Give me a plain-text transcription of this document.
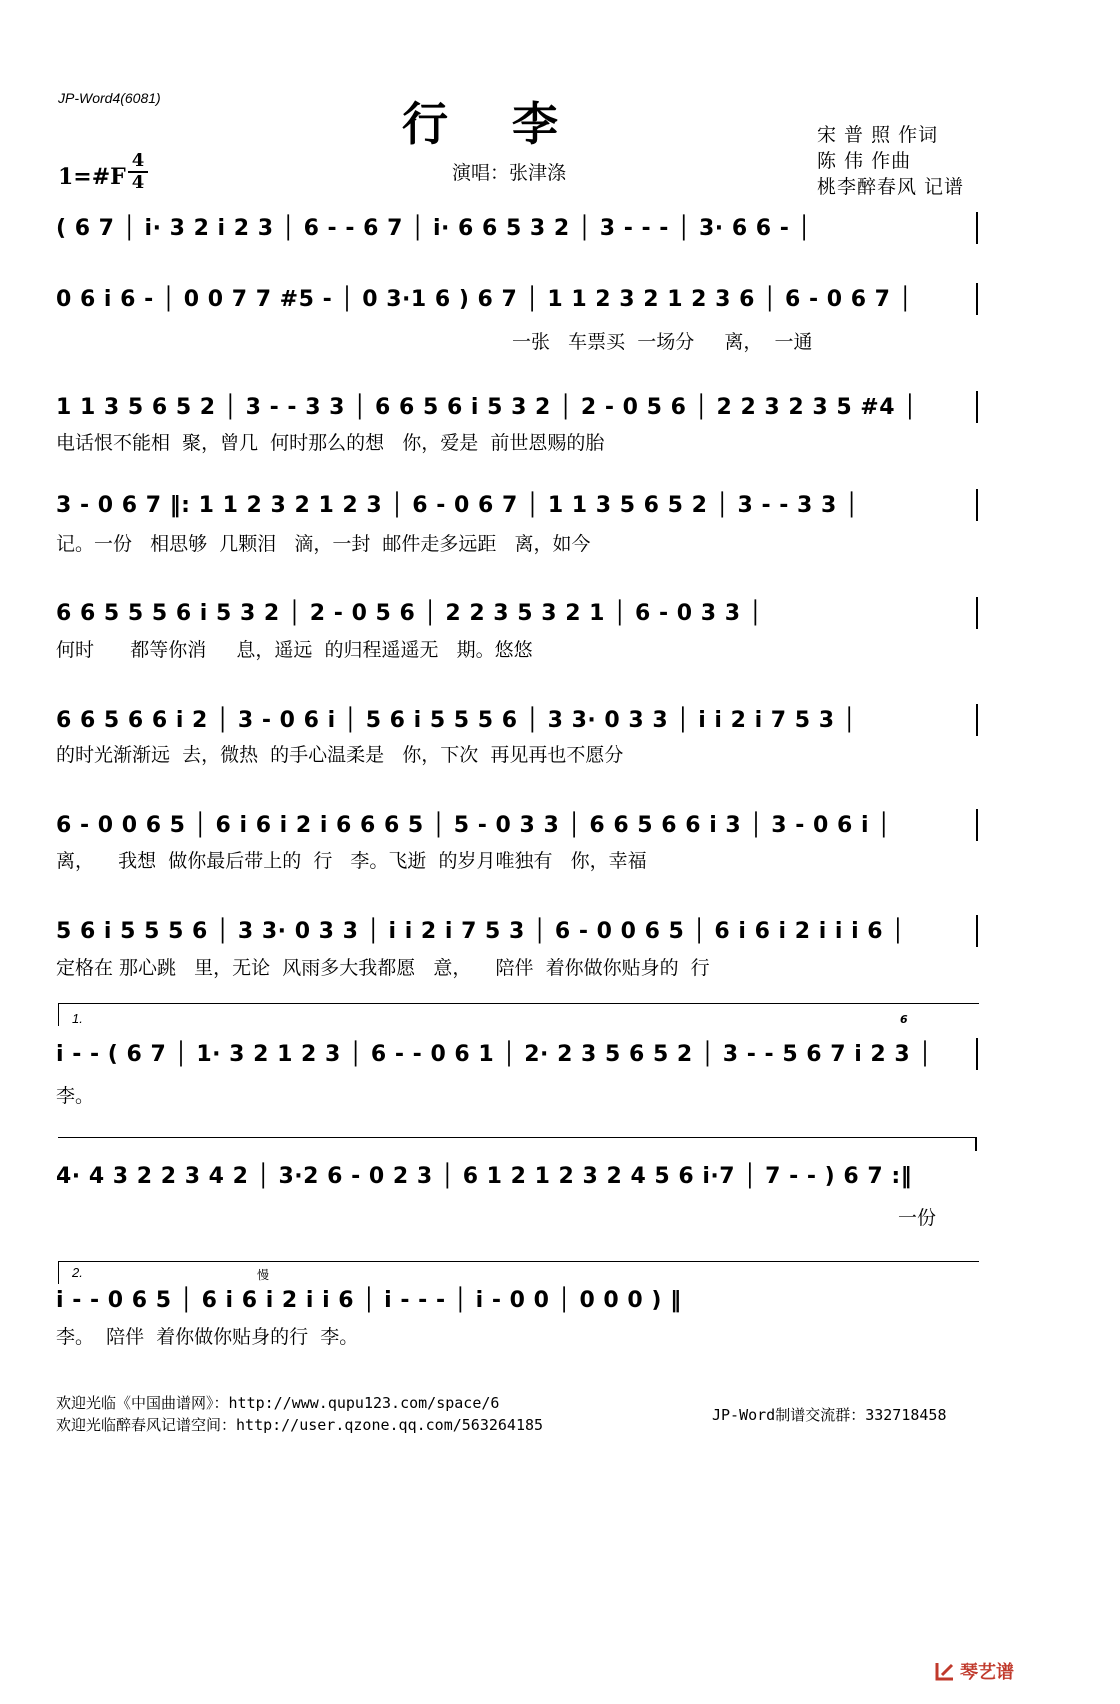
JP-Word4(6081)	行李
1=#F
4
4	演唱：张津涤
宋 普 照 作词
陈 伟 作曲
桃李醉春风 记谱
( 6 7 │ i· 3 2 i 2 3 │ 6 - - 6 7 │ i· 6 6 5 3 2 │ 3 - - - │ 3· 6 6 - │
0 6 i 6 - │ 0 0 7 7 #5 - │ 0 3·1 6 ) 6 7 │ 1 1 2 3 2 1 2 3 6 │ 6 - 0 6 7 │
一张   车票买  一场分     离，  一通
1 1 3 5 6 5 2 │ 3 - - 3 3 │ 6 6 5 6 i 5 3 2 │ 2 - 0 5 6 │ 2 2 3 2 3 5 #4 │
电话恨不能相  聚，曾几  何时那么的想   你，爱是  前世恩赐的胎
3 - 0 6 7 ‖: 1 1 2 3 2 1 2 3 │ 6 - 0 6 7 │ 1 1 3 5 6 5 2 │ 3 - - 3 3 │
记。一份   相思够  几颗泪   滴，一封  邮件走多远距   离，如今
6 6 5 5 5 6 i 5 3 2 │ 2 - 0 5 6 │ 2 2 3 5 3 2 1 │ 6 - 0 3 3 │
何时      都等你消     息，遥远  的归程遥遥无   期。悠悠
6 6 5 6 6 i 2 │ 3 - 0 6 i │ 5 6 i 5 5 5 6 │ 3 3· 0 3 3 │ i i 2 i 7 5 3 │
的时光渐渐远  去，微热  的手心温柔是   你，下次  再见再也不愿分
6 - 0 0 6 5 │ 6 i 6 i 2 i 6 6 6 5 │ 5 - 0 3 3 │ 6 6 5 6 6 i 3 │ 3 - 0 6 i │
离，    我想  做你最后带上的  行   李。飞逝  的岁月唯独有   你，幸福
5 6 i 5 5 5 6 │ 3 3· 0 3 3 │ i i 2 i 7 5 3 │ 6 - 0 0 6 5 │ 6 i 6 i 2 i i i 6 │
定格在 那心跳   里，无论  风雨多大我都愿   意，    陪伴  着你做你贴身的  行
1.	6
i - - ( 6 7 │ 1· 3 2 1 2 3 │ 6 - - 0 6 1 │ 2· 2 3 5 6 5 2 │ 3 - - 5 6 7 i 2 3 │
李。
4· 4 3 2 2 3 4 2 │ 3·2 6 - 0 2 3 │ 6 1 2 1 2 3 2 4 5 6 i·7 │ 7 - - ) 6 7 :‖
一份
2.	慢
i - - 0 6 5 │ 6 i 6 i 2 i i 6 │ i - - - │ i - 0 0 │ 0 0 0 ) ‖
李。  陪伴  着你做你贴身的行  李。
欢迎光临《中国曲谱网》：http://www.qupu123.com/space/6
欢迎光临醉春风记谱空间：http://user.qzone.qq.com/563264185
JP-Word制谱交流群：332718458
琴艺谱
